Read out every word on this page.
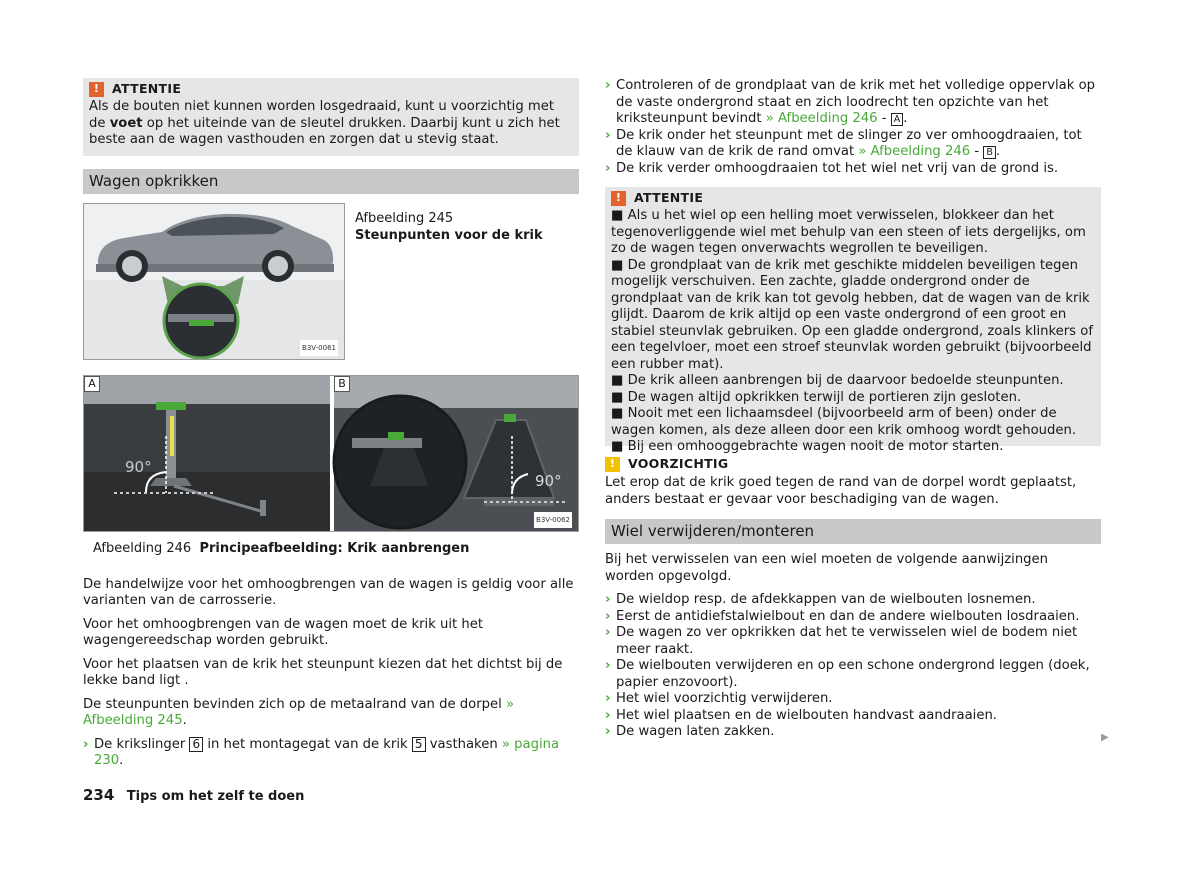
!	ATTENTIE

Als de bouten niet kunnen worden losgedraaid, kunt u voorzichtig met de voet op het uiteinde van de sleutel drukken. Daarbij kunt u zich het beste aan de wagen vasthouden en zorgen dat u stevig staat.

Wagen opkrikken
B3V-0061
Afbeelding 245
Steunpunten voor de krik
90°
90°
A	B
B3V-0062
Afbeelding 246 Principeafbeelding: Krik aanbrengen

De handelwijze voor het omhoogbrengen van de wagen is geldig voor alle varianten van de carrosserie.

Voor het omhoogbrengen van de wagen moet de krik uit het wagengereedschap worden gebruikt.

Voor het plaatsen van de krik het steunpunt kiezen dat het dichtst bij de lekke band ligt .

De steunpunten bevinden zich op de metaalrand van de dorpel » Afbeelding 245.

› De krikslinger 6 in het montagegat van de krik 5 vasthaken » pagina 230.
› Controleren of de grondplaat van de krik met het volledige oppervlak op de vaste ondergrond staat en zich loodrecht ten opzichte van het kriksteunpunt bevindt » Afbeelding 246 - A .
› De krik onder het steunpunt met de slinger zo ver omhoogdraaien, tot de klauw van de krik de rand omvat » Afbeelding 246 - B .
› De krik verder omhoogdraaien tot het wiel net vrij van de grond is.
!	ATTENTIE
■ Als u het wiel op een helling moet verwisselen, blokkeer dan het tegenoverliggende wiel met behulp van een steen of iets dergelijks, om zo de wagen tegen onverwachts wegrollen te beveiligen.
■ De grondplaat van de krik met geschikte middelen beveiligen tegen mogelijk verschuiven. Een zachte, gladde ondergrond onder de grondplaat van de krik kan tot gevolg hebben, dat de wagen van de krik glijdt. Daarom de krik altijd op een vaste ondergrond of een groot en stabiel steunvlak gebruiken. Op een gladde ondergrond, zoals klinkers of een tegelvloer, moet een stroef steunvlak worden gebruikt (bijvoorbeeld een rubber mat).
■ De krik alleen aanbrengen bij de daarvoor bedoelde steunpunten.
■ De wagen altijd opkrikken terwijl de portieren zijn gesloten.
■ Nooit met een lichaamsdeel (bijvoorbeeld arm of been) onder de wagen komen, als deze alleen door een krik omhoog wordt gehouden.
■ Bij een omhooggebrachte wagen nooit de motor starten.
!	VOORZICHTIG

Let erop dat de krik goed tegen de rand van de dorpel wordt geplaatst, anders bestaat er gevaar voor beschadiging van de wagen.

Wiel verwijderen/monteren

Bij het verwisselen van een wiel moeten de volgende aanwijzingen worden opgevolgd.

› De wieldop resp. de afdekkappen van de wielbouten losnemen.
› Eerst de antidiefstalwielbout en dan de andere wielbouten losdraaien.
› De wagen zo ver opkrikken dat het te verwisselen wiel de bodem niet meer raakt.
› De wielbouten verwijderen en op een schone ondergrond leggen (doek, papier enzovoort).
› Het wiel voorzichtig verwijderen.
› Het wiel plaatsen en de wielbouten handvast aandraaien.
› De wagen laten zakken.	▶
234 Tips om het zelf te doen
